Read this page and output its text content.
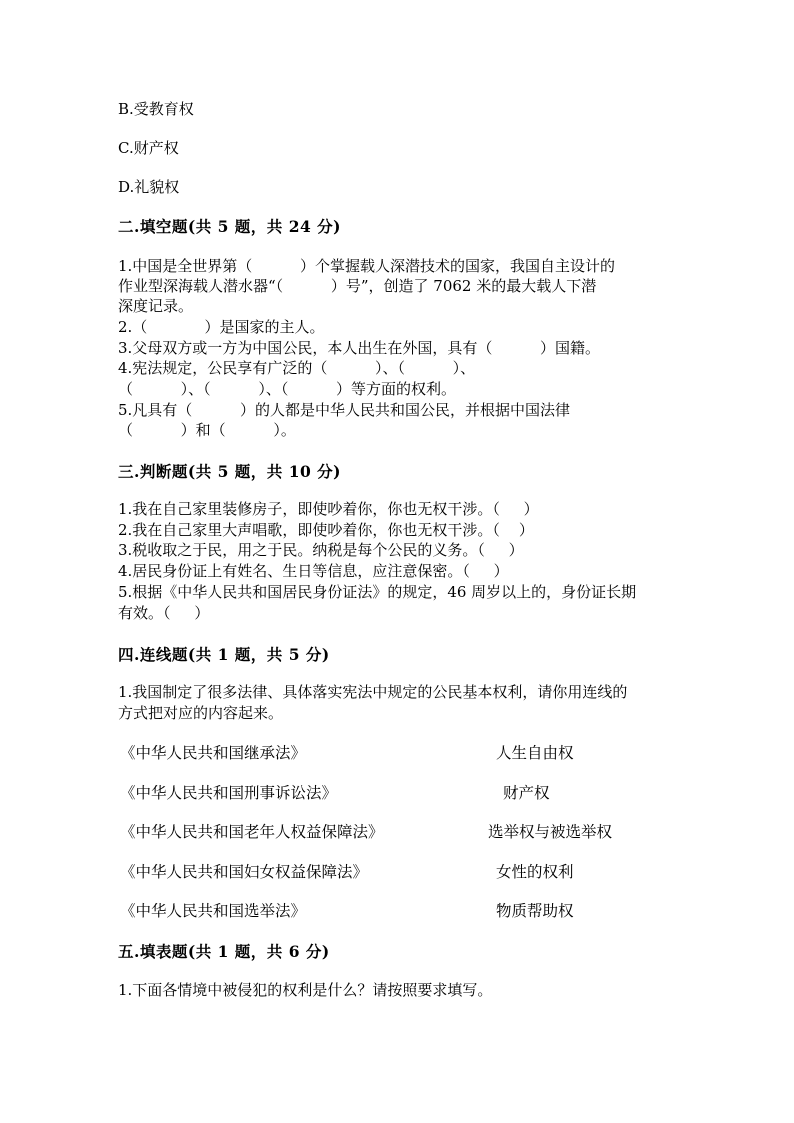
B.受教育权
C.财产权
D.礼貌权
二.填空题(共 5 题，共 24 分)
1.中国是全世界第（          ）个掌握载人深潜技术的国家，我国自主设计的
作业型深海载人潜水器“（          ）号”，创造了 7062 米的最大载人下潜
深度记录。
2.（            ）是国家的主人。
3.父母双方或一方为中国公民，本人出生在外国，具有（          ）国籍。
4.宪法规定，公民享有广泛的（          ）、（          ）、
（          ）、（          ）、（          ）等方面的权利。
5.凡具有（          ）的人都是中华人民共和国公民，并根据中国法律
（          ）和（          ）。
三.判断题(共 5 题，共 10 分)
1.我在自己家里装修房子，即使吵着你，你也无权干涉。（     ）
2.我在自己家里大声唱歌，即使吵着你，你也无权干涉。（    ）
3.税收取之于民，用之于民。纳税是每个公民的义务。（     ）
4.居民身份证上有姓名、生日等信息，应注意保密。（     ）
5.根据《中华人民共和国居民身份证法》的规定，46 周岁以上的，身份证长期
有效。（     ）
四.连线题(共 1 题，共 5 分)
1.我国制定了很多法律、具体落实宪法中规定的公民基本权利，请你用连线的
方式把对应的内容起来。
《中华人民共和国继承法》	人生自由权
《中华人民共和国刑事诉讼法》	财产权
《中华人民共和国老年人权益保障法》	选举权与被选举权
《中华人民共和国妇女权益保障法》	女性的权利
《中华人民共和国选举法》	物质帮助权
五.填表题(共 1 题，共 6 分)
1.下面各情境中被侵犯的权利是什么？请按照要求填写。
